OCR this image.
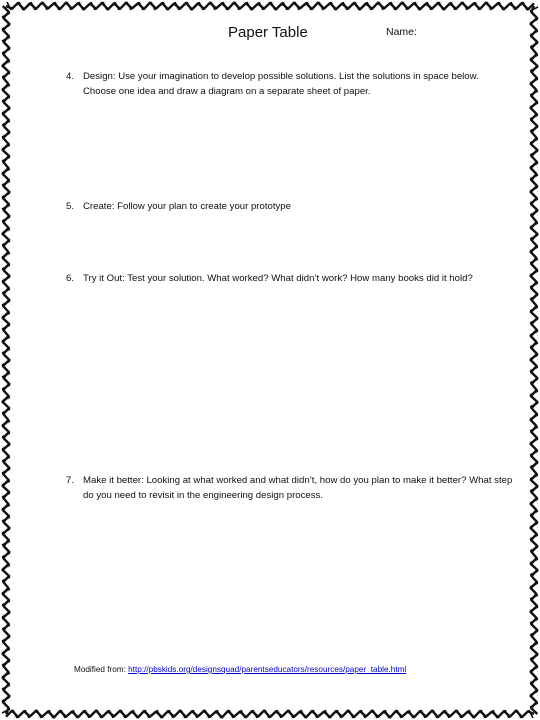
Paper Table	Name:
4. Design: Use your imagination to develop possible solutions. List the solutions in space below. Choose one idea and draw a diagram on a separate sheet of paper.
5. Create: Follow your plan to create your prototype
6. Try it Out: Test your solution. What worked? What didn’t work? How many books did it hold?
7. Make it better: Looking at what worked and what didn’t, how do you plan to make it better? What step do you need to revisit in the engineering design process.
Modified from: http://pbskids.org/designsquad/parentseducators/resources/paper_table.html
